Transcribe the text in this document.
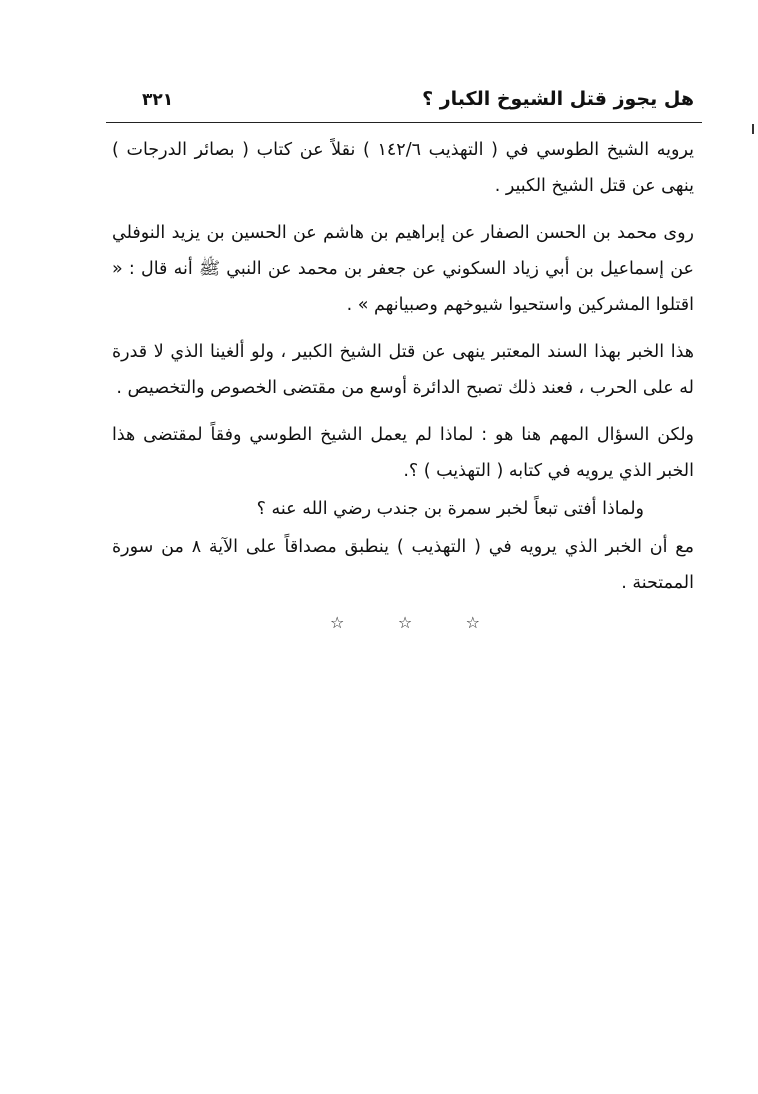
هل يجوز قتل الشيوخ الكبار ؟
٣٢١

يرويه الشيخ الطوسي في ( التهذيب ١٤٢/٦ ) نقلاً عن كتاب ( بصائر الدرجات ) ينهى عن قتل الشيخ الكبير .

روى محمد بن الحسن الصفار عن إبراهيم بن هاشم عن الحسين بن يزيد النوفلي عن إسماعيل بن أبي زياد السكوني عن جعفر بن محمد عن النبي ﷺ أنه قال : « اقتلوا المشركين واستحيوا شيوخهم وصبيانهم » .

هذا الخبر بهذا السند المعتبر ينهى عن قتل الشيخ الكبير ، ولو ألغينا الذي لا قدرة له على الحرب ، فعند ذلك تصبح الدائرة أوسع من مقتضى الخصوص والتخصيص .

ولكن السؤال المهم هنا هو : لماذا لم يعمل الشيخ الطوسي وفقاً لمقتضى هذا الخبر الذي يرويه في كتابه ( التهذيب ) ؟.

ولماذا أفتى تبعاً لخبر سمرة بن جندب رضي الله عنه ؟

مع أن الخبر الذي يرويه في ( التهذيب ) ينطبق مصداقاً على الآية ٨ من سورة الممتحنة .

☆
☆
☆
